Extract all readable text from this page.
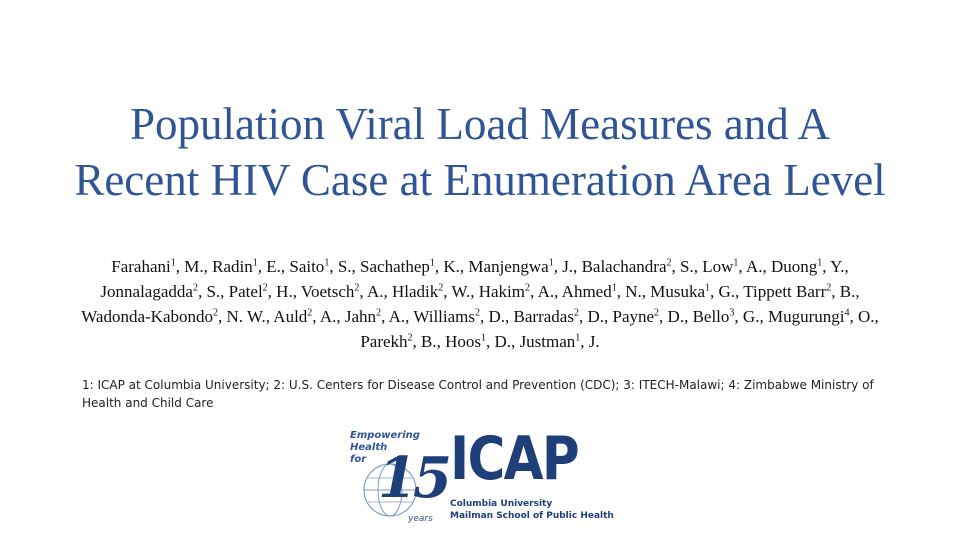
Population Viral Load Measures and A
Recent HIV Case at Enumeration Area Level
Farahani$^1$, M., Radin$^1$, E., Saito$^1$, S., Sachathep$^1$, K., Manjengwa$^1$, J., Balachandra$^2$, S., Low$^1$, A., Duong$^1$, Y., Jonnalagadda$^2$, S., Patel$^2$, H., Voetsch$^2$, A., Hladik$^2$, W., Hakim$^2$, A., Ahmed$^1$, N., Musuka$^1$, G., Tippett Barr$^2$, B., Wadonda-Kabondo$^2$, N. W., Auld$^2$, A., Jahn$^2$, A., Williams$^2$, D., Barradas$^2$, D., Payne$^2$, D., Bello$^3$, G., Mugurungi$^4$, O., Parekh$^2$, B., Hoos$^1$, D., Justman$^1$, J.
1: ICAP at Columbia University; 2: U.S. Centers for Disease Control and Prevention (CDC); 3: ITECH-Malawi; 4: Zimbabwe Ministry of Health and Child Care
Empowering
Health
for 15
years
ICAP
Columbia University
Mailman School of Public Health
